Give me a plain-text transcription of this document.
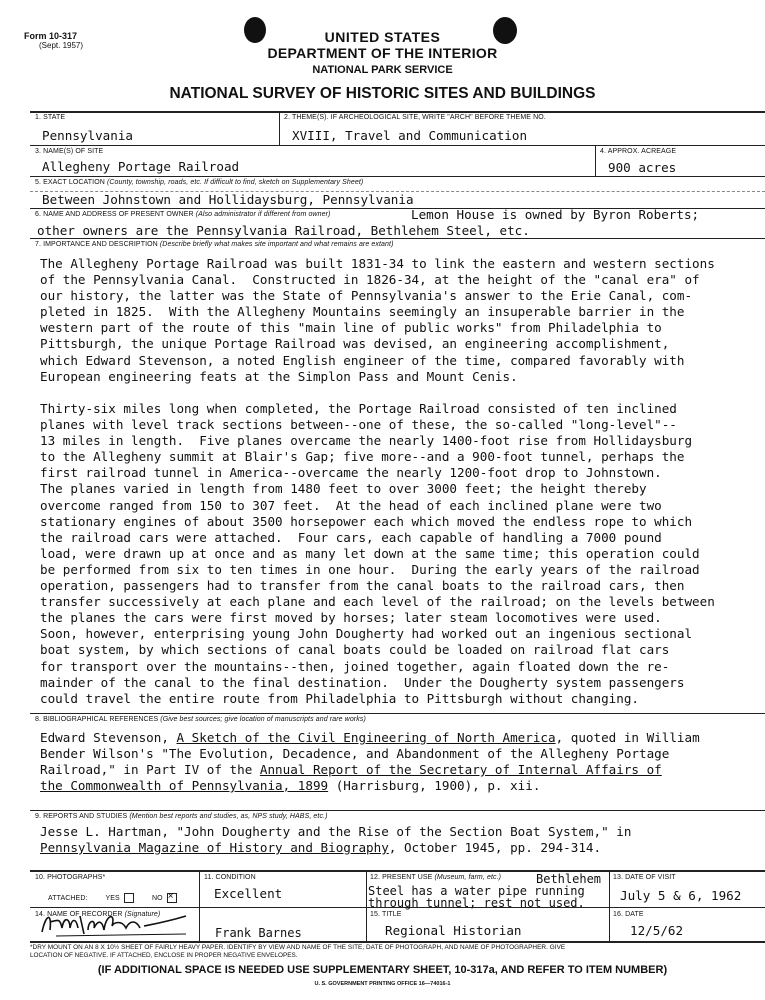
Form 10-317
(Sept. 1957)
UNITED STATES
DEPARTMENT OF THE INTERIOR
NATIONAL PARK SERVICE
NATIONAL SURVEY OF HISTORIC SITES AND BUILDINGS
1. STATE
Pennsylvania
2. THEME(S). IF ARCHEOLOGICAL SITE, WRITE "ARCH" BEFORE THEME NO.
XVIII, Travel and Communication
3. NAME(S) OF SITE
Allegheny Portage Railroad
4. APPROX. ACREAGE
900 acres
5. EXACT LOCATION (County, township, roads, etc. If difficult to find, sketch on Supplementary Sheet)
Between Johnstown and Hollidaysburg, Pennsylvania
6. NAME AND ADDRESS OF PRESENT OWNER (Also administrator if different from owner)	Lemon House is owned by Byron Roberts;
other owners are the Pennsylvania Railroad, Bethlehem Steel, etc.
7. IMPORTANCE AND DESCRIPTION (Describe briefly what makes site important and what remains are extant)
The Allegheny Portage Railroad was built 1831-34 to link the eastern and western sections
of the Pennsylvania Canal.  Constructed in 1826-34, at the height of the "canal era" of
our history, the latter was the State of Pennsylvania's answer to the Erie Canal, com-
pleted in 1825.  With the Allegheny Mountains seemingly an insuperable barrier in the
western part of the route of this "main line of public works" from Philadelphia to
Pittsburgh, the unique Portage Railroad was devised, an engineering accomplishment,
which Edward Stevenson, a noted English engineer of the time, compared favorably with
European engineering feats at the Simplon Pass and Mount Cenis.
Thirty-six miles long when completed, the Portage Railroad consisted of ten inclined
planes with level track sections between--one of these, the so-called "long-level"--
13 miles in length.  Five planes overcame the nearly 1400-foot rise from Hollidaysburg
to the Allegheny summit at Blair's Gap; five more--and a 900-foot tunnel, perhaps the
first railroad tunnel in America--overcame the nearly 1200-foot drop to Johnstown.
The planes varied in length from 1480 feet to over 3000 feet; the height thereby
overcome ranged from 150 to 307 feet.  At the head of each inclined plane were two
stationary engines of about 3500 horsepower each which moved the endless rope to which
the railroad cars were attached.  Four cars, each capable of handling a 7000 pound
load, were drawn up at once and as many let down at the same time; this operation could
be performed from six to ten times in one hour.  During the early years of the railroad
operation, passengers had to transfer from the canal boats to the railroad cars, then
transfer successively at each plane and each level of the railroad; on the levels between
the planes the cars were first moved by horses; later steam locomotives were used.
Soon, however, enterprising young John Dougherty had worked out an ingenious sectional
boat system, by which sections of canal boats could be loaded on railroad flat cars
for transport over the mountains--then, joined together, again floated down the re-
mainder of the canal to the final destination.  Under the Dougherty system passengers
could travel the entire route from Philadelphia to Pittsburgh without changing.
8. BIBLIOGRAPHICAL REFERENCES (Give best sources; give location of manuscripts and rare works)
Edward Stevenson, A Sketch of the Civil Engineering of North America, quoted in William
Bender Wilson's "The Evolution, Decadence, and Abandonment of the Allegheny Portage
Railroad," in Part IV of the Annual Report of the Secretary of Internal Affairs of
the Commonwealth of Pennsylvania, 1899 (Harrisburg, 1900), p. xii.
9. REPORTS AND STUDIES (Mention best reports and studies, as, NPS study, HABS, etc.)
Jesse L. Hartman, "John Dougherty and the Rise of the Section Boat System," in
Pennsylvania Magazine of History and Biography, October 1945, pp. 294-314.
10. PHOTOGRAPHS*
ATTACHED:	YES	NO ×
11. CONDITION
Excellent
12. PRESENT USE (Museum, farm, etc.)	Bethlehem
Steel has a water pipe running
through tunnel; rest not used.
13. DATE OF VISIT
July 5 & 6, 1962
14. NAME OF RECORDER (Signature)
Frank Barnes
15. TITLE
Regional Historian
16. DATE
12/5/62
*DRY MOUNT ON AN 8 X 10½ SHEET OF FAIRLY HEAVY PAPER. IDENTIFY BY VIEW AND NAME OF THE SITE, DATE OF PHOTOGRAPH, AND NAME OF PHOTOGRAPHER. GIVE
LOCATION OF NEGATIVE. IF ATTACHED, ENCLOSE IN PROPER NEGATIVE ENVELOPES.
(IF ADDITIONAL SPACE IS NEEDED USE SUPPLEMENTARY SHEET, 10-317a, AND REFER TO ITEM NUMBER)
U. S. GOVERNMENT PRINTING OFFICE 16—74016-1
